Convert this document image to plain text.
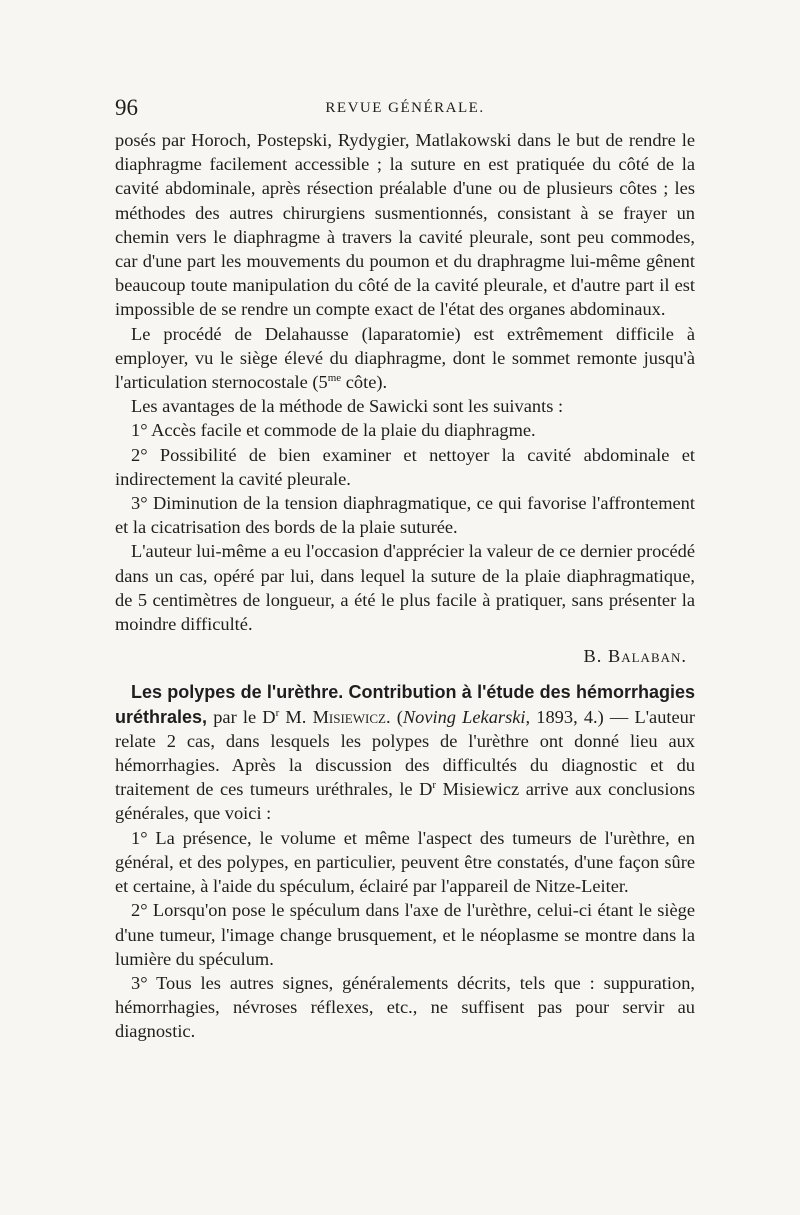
96	REVUE GÉNÉRALE.

posés par Horoch, Postepski, Rydygier, Matlakowski dans le but de rendre le diaphragme facilement accessible ; la suture en est pratiquée du côté de la cavité abdominale, après résection préalable d'une ou de plusieurs côtes ; les méthodes des autres chirurgiens susmentionnés, consistant à se frayer un chemin vers le diaphragme à travers la cavité pleurale, sont peu commodes, car d'une part les mouvements du poumon et du draphragme lui-même gênent beaucoup toute manipulation du côté de la cavité pleurale, et d'autre part il est impossible de se rendre un compte exact de l'état des organes abdominaux.

Le procédé de Delahausse (laparatomie) est extrêmement difficile à employer, vu le siège élevé du diaphragme, dont le sommet remonte jusqu'à l'articulation sternocostale ($5^{me}$ côte).

Les avantages de la méthode de Sawicki sont les suivants :

1° Accès facile et commode de la plaie du diaphragme.

2° Possibilité de bien examiner et nettoyer la cavité abdominale et indirectement la cavité pleurale.

3° Diminution de la tension diaphragmatique, ce qui favorise l'affrontement et la cicatrisation des bords de la plaie suturée.

L'auteur lui-même a eu l'occasion d'apprécier la valeur de ce dernier procédé dans un cas, opéré par lui, dans lequel la suture de la plaie diaphragmatique, de 5 centimètres de longueur, a été le plus facile à pratiquer, sans présenter la moindre difficulté.

B. Balaban.

Les polypes de l'urèthre. Contribution à l'étude des hémorrhagies uréthrales, par le $D^r$ M. Misiewicz. (Noving Lekarski, 1893, 4.) — L'auteur relate 2 cas, dans lesquels les polypes de l'urèthre ont donné lieu aux hémorrhagies. Après la discussion des difficultés du diagnostic et du traitement de ces tumeurs uréthrales, le $D^r$ Misiewicz arrive aux conclusions générales, que voici :

1° La présence, le volume et même l'aspect des tumeurs de l'urèthre, en général, et des polypes, en particulier, peuvent être constatés, d'une façon sûre et certaine, à l'aide du spéculum, éclairé par l'appareil de Nitze-Leiter.

2° Lorsqu'on pose le spéculum dans l'axe de l'urèthre, celui-ci étant le siège d'une tumeur, l'image change brusquement, et le néoplasme se montre dans la lumière du spéculum.

3° Tous les autres signes, généralements décrits, tels que : suppuration, hémorrhagies, névroses réflexes, etc., ne suffisent pas pour servir au diagnostic.
